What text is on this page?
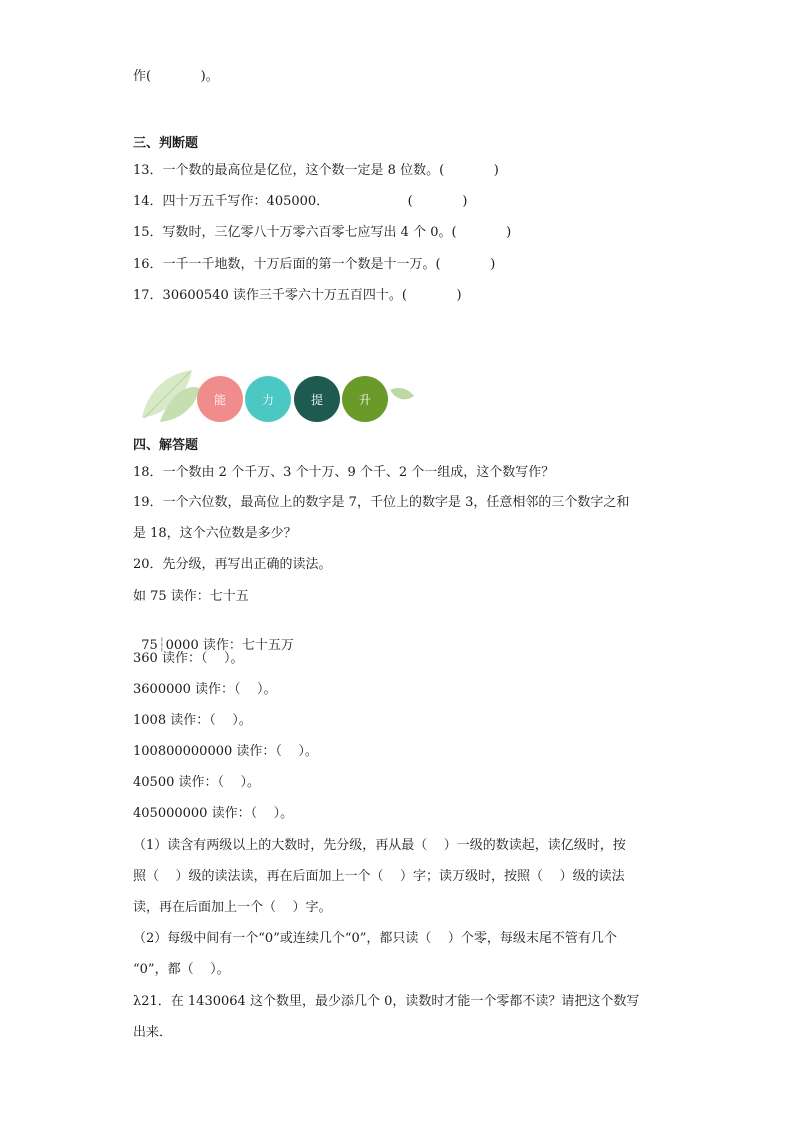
作(            )。
三、判断题
13．一个数的最高位是亿位，这个数一定是 8 位数。(            )
14．四十万五千写作：405000．                   (            )
15．写数时，三亿零八十万零六百零七应写出 4 个 0。(            )
16．一千一千地数，十万后面的第一个数是十一万。(            )
17．30600540 读作三千零六十万五百四十。(            )
能	力	提	升
四、解答题
18．一个数由 2 个千万、3 个十万、9 个千、2 个一组成，这个数写作？
19．一个六位数，最高位上的数字是 7，千位上的数字是 3，任意相邻的三个数字之和
是 18，这个六位数是多少？
20．先分级，再写出正确的读法。
如 75 读作：七十五

75┆0000 读作：七十五万

360 读作：（    ）。
3600000 读作：（    ）。
1008 读作：（    ）。
100800000000 读作：（    ）。
40500 读作：（    ）。
405000000 读作：（    ）。
（1）读含有两级以上的大数时，先分级，再从最（    ）一级的数读起，读亿级时，按
照（    ）级的读法读，再在后面加上一个（    ）字；读万级时，按照（    ）级的读法
读，再在后面加上一个（    ）字。
（2）每级中间有一个“0”或连续几个“0”，都只读（    ）个零，每级末尾不管有几个
“0”，都（    ）。
λ21．在 1430064 这个数里，最少添几个 0，读数时才能一个零都不读？请把这个数写
出来．
